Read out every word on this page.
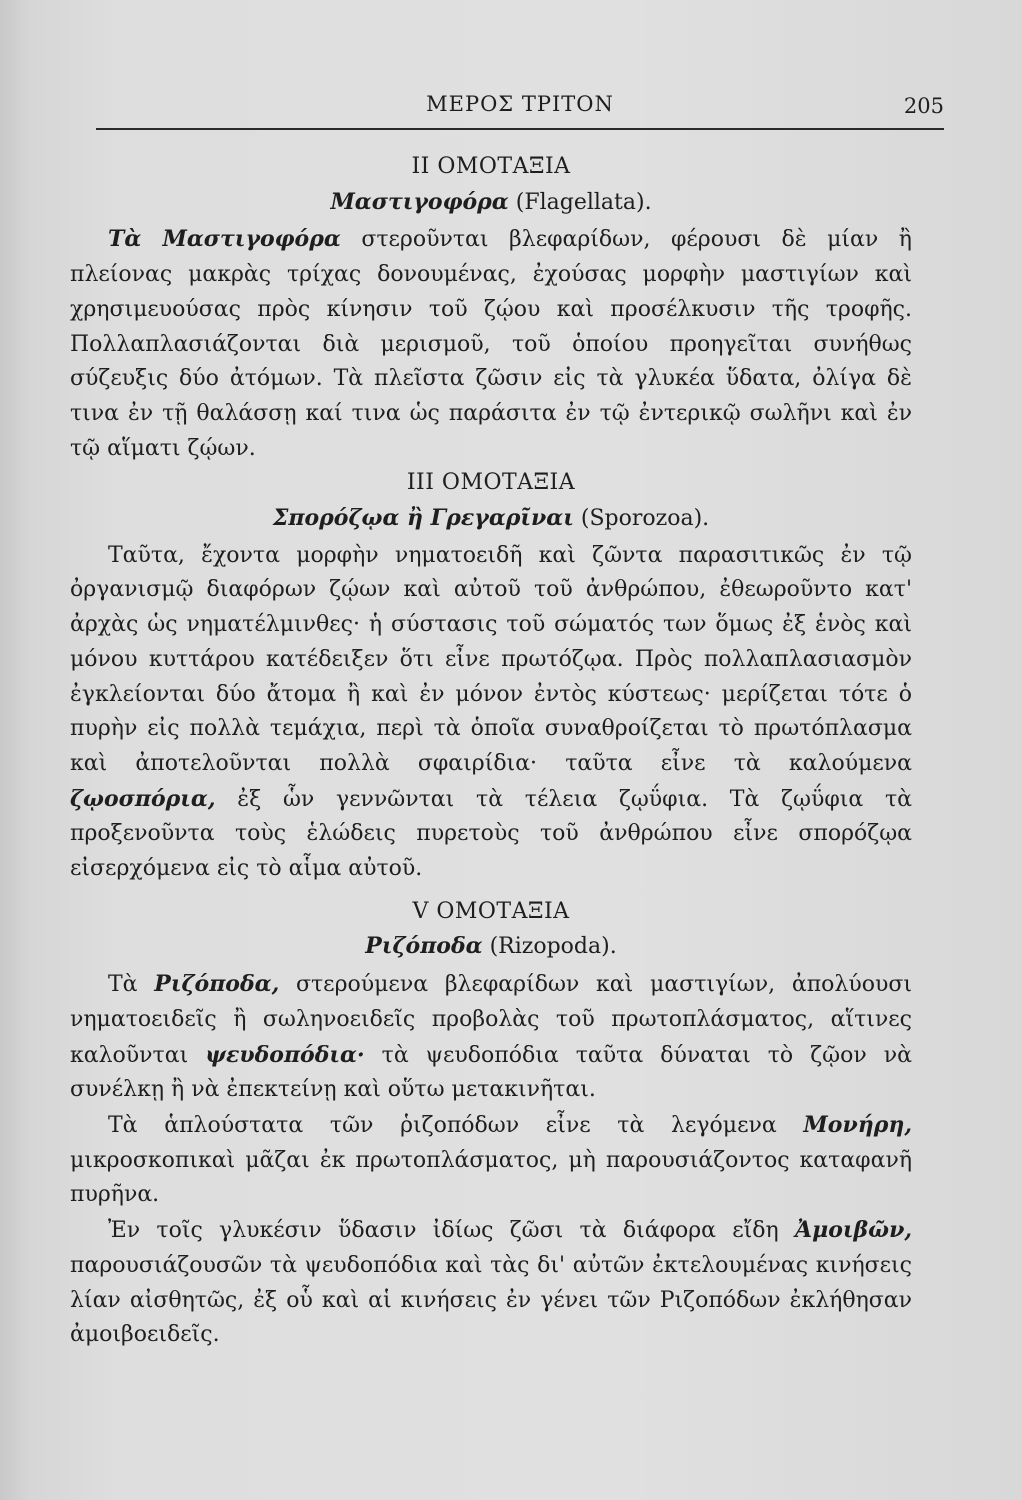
ΜΕΡΟΣ ΤΡΙΤΟΝ	205
II ΟΜΟΤΑΞΙΑ
Μαστιγοφόρα (Flagellata).

Τὰ Μαστιγοφόρα στεροῦνται βλεφαρίδων, φέρουσι δὲ μίαν ἢ πλείονας μακρὰς τρίχας δονουμένας, ἐχούσας μορφὴν μαστιγίων καὶ χρησιμευούσας πρὸς κίνησιν τοῦ ζῴου καὶ προσέλκυσιν τῆς τροφῆς. Πολλαπλασιάζονται διὰ μερισμοῦ, τοῦ ὁποίου προηγεῖται συνήθως σύζευξις δύο ἀτόμων. Τὰ πλεῖστα ζῶσιν εἰς τὰ γλυκέα ὕδατα, ὀλίγα δὲ τινα ἐν τῇ θαλάσσῃ καί τινα ὡς παράσιτα ἐν τῷ ἐντερικῷ σωλῆνι καὶ ἐν τῷ αἵματι ζῴων.

III ΟΜΟΤΑΞΙΑ
Σπορόζῳα ἢ Γρεγαρῖναι (Sporozoa).

Ταῦτα, ἔχοντα μορφὴν νηματοειδῆ καὶ ζῶντα παρασιτικῶς ἐν τῷ ὀργανισμῷ διαφόρων ζῴων καὶ αὐτοῦ τοῦ ἀνθρώπου, ἐθεωροῦντο κατ' ἀρχὰς ὡς νηματέλμινθες· ἡ σύστασις τοῦ σώματός των ὅμως ἐξ ἑνὸς καὶ μόνου κυττάρου κατέδειξεν ὅτι εἶνε πρωτόζῳα. Πρὸς πολλαπλασιασμὸν ἐγκλείονται δύο ἄτομα ἢ καὶ ἐν μόνον ἐντὸς κύστεως· μερίζεται τότε ὁ πυρὴν εἰς πολλὰ τεμάχια, περὶ τὰ ὁποῖα συναθροίζεται τὸ πρωτόπλασμα καὶ ἀποτελοῦνται πολλὰ σφαιρίδια· ταῦτα εἶνε τὰ καλούμενα ζῳοσπόρια, ἐξ ὧν γεννῶνται τὰ τέλεια ζῳΰφια. Τὰ ζῳΰφια τὰ προξενοῦντα τοὺς ἑλώδεις πυρετοὺς τοῦ ἀνθρώπου εἶνε σπορόζῳα εἰσερχόμενα εἰς τὸ αἷμα αὐτοῦ.

V ΟΜΟΤΑΞΙΑ
Ριζόποδα (Rizopoda).

Τὰ Ριζόποδα, στερούμενα βλεφαρίδων καὶ μαστιγίων, ἀπολύουσι νηματοειδεῖς ἢ σωληνοειδεῖς προβολὰς τοῦ πρωτοπλάσματος, αἵτινες καλοῦνται ψευδοπόδια· τὰ ψευδοπόδια ταῦτα δύναται τὸ ζῷον νὰ συνέλκῃ ἢ νὰ ἐπεκτείνῃ καὶ οὕτω μετακινῆται.

Τὰ ἁπλούστατα τῶν ῥιζοπόδων εἶνε τὰ λεγόμενα Μονήρη, μικροσκοπικαὶ μᾶζαι ἐκ πρωτοπλάσματος, μὴ παρουσιάζοντος καταφανῆ πυρῆνα.

Ἐν τοῖς γλυκέσιν ὕδασιν ἰδίως ζῶσι τὰ διάφορα εἴδη Ἀμοιβῶν, παρουσιάζουσῶν τὰ ψευδοπόδια καὶ τὰς δι' αὐτῶν ἐκτελουμένας κινήσεις λίαν αἰσθητῶς, ἐξ οὗ καὶ αἱ κινήσεις ἐν γένει τῶν Ριζοπόδων ἐκλήθησαν ἀμοιβοειδεῖς.
